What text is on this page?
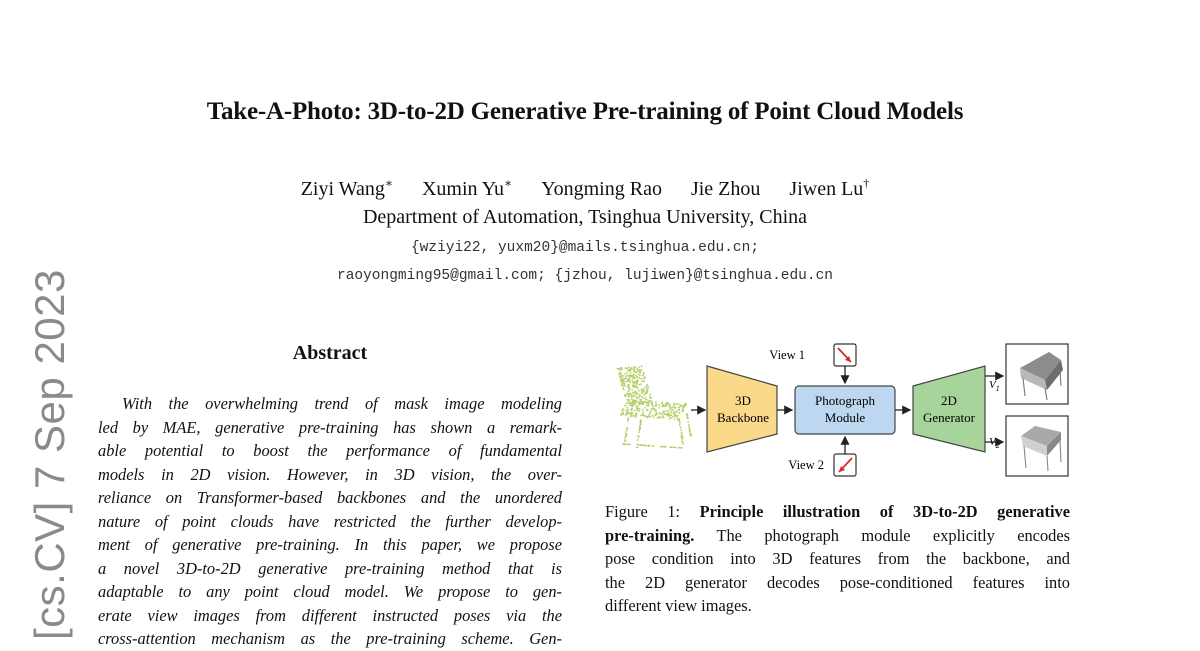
Take-A-Photo: 3D-to-2D Generative Pre-training of Point Cloud Models
Ziyi Wang∗ Xumin Yu∗ Yongming Rao Jie Zhou Jiwen Lu†
Department of Automation, Tsinghua University, China
{wziyi22, yuxm20}@mails.tsinghua.edu.cn;
raoyongming95@gmail.com; {jzhou, lujiwen}@tsinghua.edu.cn
[cs.CV] 7 Sep 2023	Abstract
With the overwhelming trend of mask image modeling
led by MAE, generative pre-training has shown a remark-
able potential to boost the performance of fundamental
models in 2D vision. However, in 3D vision, the over-
reliance on Transformer-based backbones and the unordered
nature of point clouds have restricted the further develop-
ment of generative pre-training. In this paper, we propose
a novel 3D-to-2D generative pre-training method that is
adaptable to any point cloud model. We propose to gen-
erate view images from different instructed poses via the
cross-attention mechanism as the pre-training scheme. Gen-
3D
Backbone
Photograph
Module
View 1
View 2
2D
Generator
$V_1$
$V_2$
Figure 1: Principle illustration of 3D-to-2D generative
pre-training. The photograph module explicitly encodes
pose condition into 3D features from the backbone, and
the 2D generator decodes pose-conditioned features into
different view images.
